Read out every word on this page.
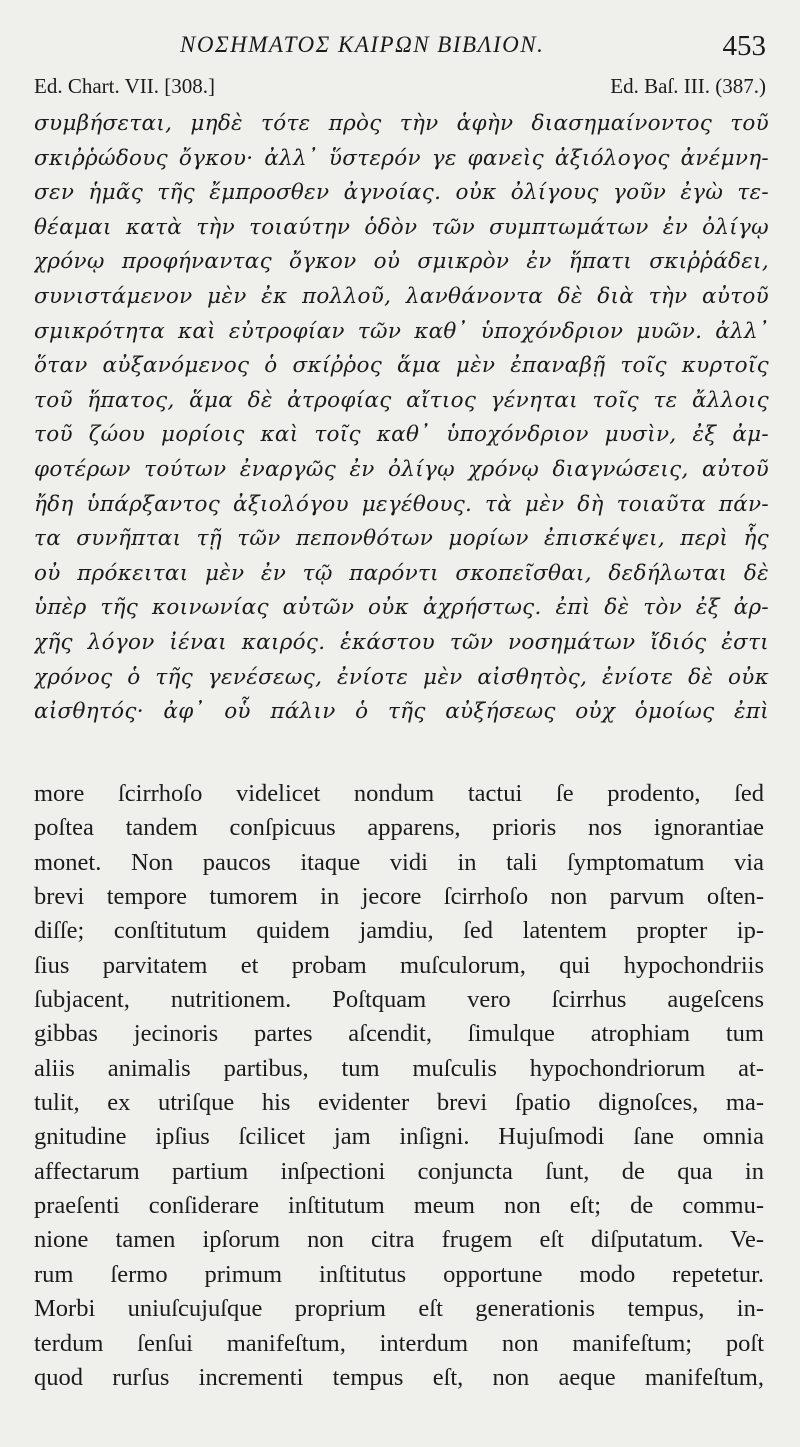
ΝΟΣΗΜΑΤΟΣ ΚΑΙΡΩΝ ΒΙΒΛΙΟΝ.	453
Ed. Chart. VII. [308.]	Ed. Baſ. III. (387.)
συμβήσεται, μηδὲ τότε πρὸς τὴν ἁφὴν διασημαίνοντος τοῦ
σκιῤῥώδους ὄγκου· ἀλλ᾽ ὕστερόν γε φανεὶς ἀξιόλογος ἀνέμνη-
σεν ἡμᾶς τῆς ἔμπροσθεν ἀγνοίας. οὐκ ὀλίγους γοῦν ἐγὼ τε-
θέαμαι κατὰ τὴν τοιαύτην ὁδὸν τῶν συμπτωμάτων ἐν ὀλίγῳ
χρόνῳ προφήναντας ὄγκον οὐ σμικρὸν ἐν ἥπατι σκιῤῥάδει,
συνιστάμενον μὲν ἐκ πολλοῦ, λανθάνοντα δὲ διὰ τὴν αὐτοῦ
σμικρότητα καὶ εὐτροφίαν τῶν καθ᾽ ὑποχόνδριον μυῶν. ἀλλ᾽
ὅταν αὐξανόμενος ὁ σκίῤῥος ἅμα μὲν ἐπαναβῇ τοῖς κυρτοῖς
τοῦ ἥπατος, ἅμα δὲ ἀτροφίας αἴτιος γένηται τοῖς τε ἄλλοις
τοῦ ζώου μορίοις καὶ τοῖς καθ᾽ ὑποχόνδριον μυσὶν, ἐξ ἀμ-
φοτέρων τούτων ἐναργῶς ἐν ὀλίγῳ χρόνῳ διαγνώσεις, αὐτοῦ
ἤδη ὑπάρξαντος ἀξιολόγου μεγέθους. τὰ μὲν δὴ τοιαῦτα πάν-
τα συνῆπται τῇ τῶν πεπονθότων μορίων ἐπισκέψει, περὶ ἧς
οὐ πρόκειται μὲν ἐν τῷ παρόντι σκοπεῖσθαι, δεδήλωται δὲ
ὑπὲρ τῆς κοινωνίας αὐτῶν οὐκ ἀχρήστως. ἐπὶ δὲ τὸν ἐξ ἀρ-
χῆς λόγον ἰέναι καιρός. ἑκάστου τῶν νοσημάτων ἴδιός ἐστι
χρόνος ὁ τῆς γενέσεως, ἐνίοτε μὲν αἰσθητὸς, ἐνίοτε δὲ οὐκ
αἰσθητός· ἀφ᾽ οὗ πάλιν ὁ τῆς αὐξήσεως οὐχ ὁμοίως ἐπὶ
more ſcirrhoſo videlicet nondum tactui ſe prodento, ſed
poſtea tandem conſpicuus apparens, prioris nos ignorantiae
monet. Non paucos itaque vidi in tali ſymptomatum via
brevi tempore tumorem in jecore ſcirrhoſo non parvum oſten-
diſſe; conſtitutum quidem jamdiu, ſed latentem propter ip-
ſius parvitatem et probam muſculorum, qui hypochondriis
ſubjacent, nutritionem. Poſtquam vero ſcirrhus augeſcens
gibbas jecinoris partes aſcendit, ſimulque atrophiam tum
aliis animalis partibus, tum muſculis hypochondriorum at-
tulit, ex utriſque his evidenter brevi ſpatio dignoſces, ma-
gnitudine ipſius ſcilicet jam inſigni. Hujuſmodi ſane omnia
affectarum partium inſpectioni conjuncta ſunt, de qua in
praeſenti conſiderare inſtitutum meum non eſt; de commu-
nione tamen ipſorum non citra frugem eſt diſputatum. Ve-
rum ſermo primum inſtitutus opportune modo repetetur.
Morbi uniuſcujuſque proprium eſt generationis tempus, in-
terdum ſenſui manifeſtum, interdum non manifeſtum; poſt
quod rurſus incrementi tempus eſt, non aeque manifeſtum,
